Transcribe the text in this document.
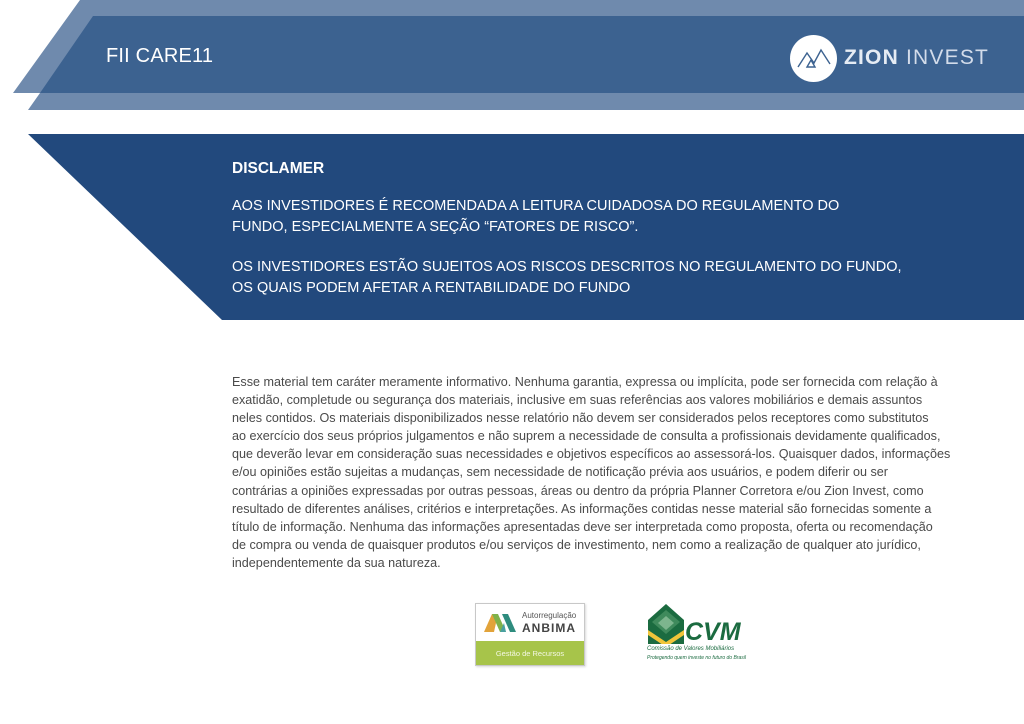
FII CARE11	ZION INVEST
DISCLAMER
AOS INVESTIDORES É RECOMENDADA A LEITURA CUIDADOSA DO REGULAMENTO DO
FUNDO, ESPECIALMENTE A SEÇÃO “FATORES DE RISCO”.
OS INVESTIDORES ESTÃO SUJEITOS AOS RISCOS DESCRITOS NO REGULAMENTO DO FUNDO,
OS QUAIS PODEM AFETAR A RENTABILIDADE DO FUNDO
Esse material tem caráter meramente informativo. Nenhuma garantia, expressa ou implícita, pode ser fornecida com relação à
exatidão, completude ou segurança dos materiais, inclusive em suas referências aos valores mobiliários e demais assuntos
neles contidos. Os materiais disponibilizados nesse relatório não devem ser considerados pelos receptores como substitutos
ao exercício dos seus próprios julgamentos e não suprem a necessidade de consulta a profissionais devidamente qualificados,
que deverão levar em consideração suas necessidades e objetivos específicos ao assessorá-los. Quaisquer dados, informações
e/ou opiniões estão sujeitas a mudanças, sem necessidade de notificação prévia aos usuários, e podem diferir ou ser
contrárias a opiniões expressadas por outras pessoas, áreas ou dentro da própria Planner Corretora e/ou Zion Invest, como
resultado de diferentes análises, critérios e interpretações. As informações contidas nesse material são fornecidas somente a
título de informação. Nenhuma das informações apresentadas deve ser interpretada como proposta, oferta ou recomendação
de compra ou venda de quaisquer produtos e/ou serviços de investimento, nem como a realização de qualquer ato jurídico,
independentemente da sua natureza.
Autorregulação
ANBIMA
Gestão de Recursos
CVM
Comissão de Valores Mobiliários
Protegendo quem investe no futuro do Brasil
